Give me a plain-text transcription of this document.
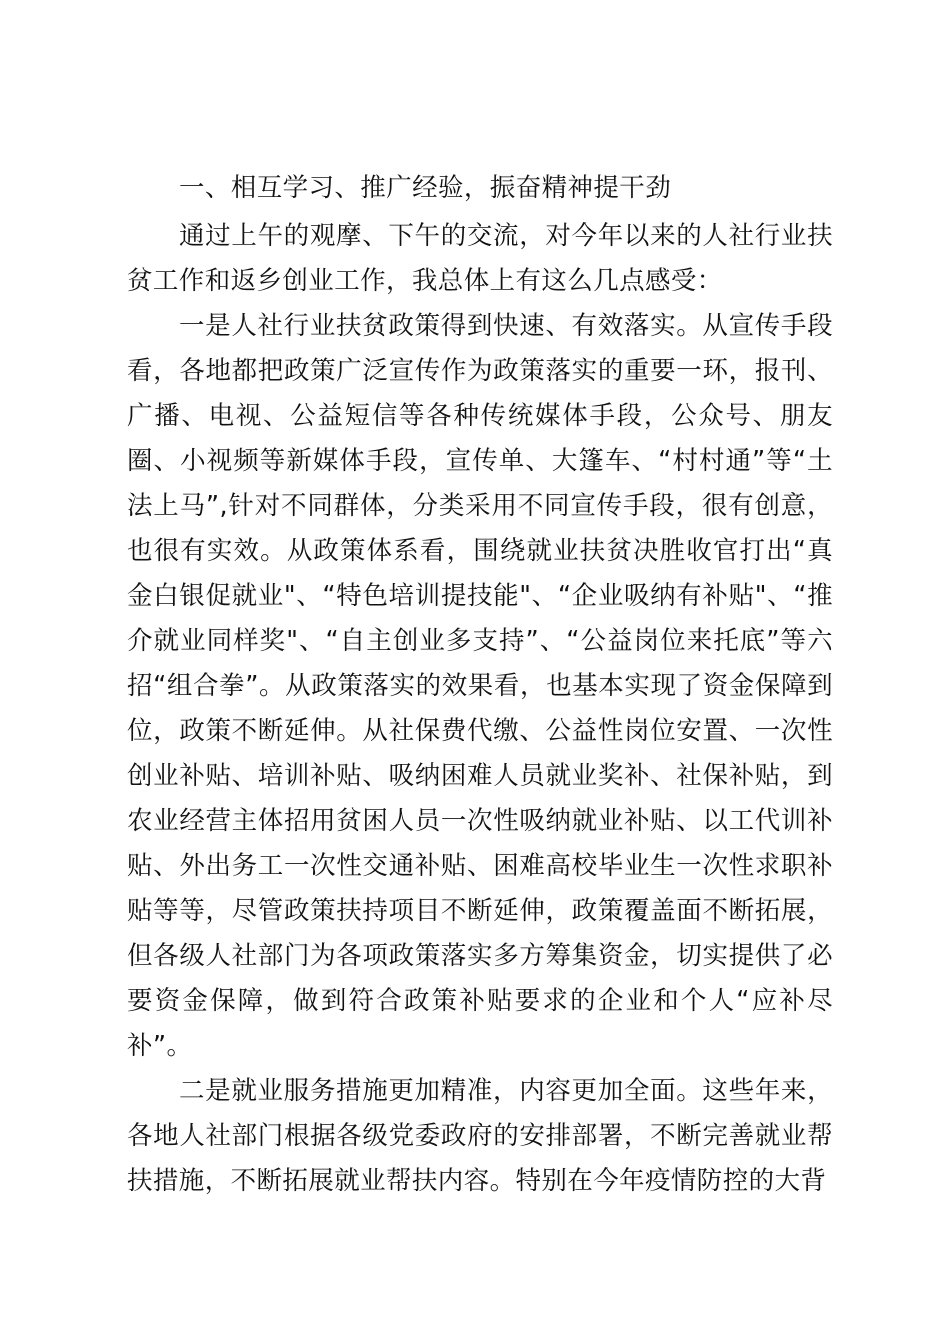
一、相互学习、推广经验，振奋精神提干劲

通过上午的观摩、下午的交流，对今年以来的人社行业扶贫工作和返乡创业工作，我总体上有这么几点感受：

一是人社行业扶贫政策得到快速、有效落实。从宣传手段看，各地都把政策广泛宣传作为政策落实的重要一环，报刊、广播、电视、公益短信等各种传统媒体手段，公众号、朋友圈、小视频等新媒体手段，宣传单、大篷车、“村村通”等“土法上马”,针对不同群体，分类采用不同宣传手段，很有创意，也很有实效。从政策体系看，围绕就业扶贫决胜收官打出“真金白银促就业"、“特色培训提技能"、“企业吸纳有补贴"、“推介就业同样奖"、“自主创业多支持”、“公益岗位来托底”等六招“组合拳”。从政策落实的效果看，也基本实现了资金保障到位，政策不断延伸。从社保费代缴、公益性岗位安置、一次性创业补贴、培训补贴、吸纳困难人员就业奖补、社保补贴，到农业经营主体招用贫困人员一次性吸纳就业补贴、以工代训补贴、外出务工一次性交通补贴、困难高校毕业生一次性求职补贴等等，尽管政策扶持项目不断延伸，政策覆盖面不断拓展，但各级人社部门为各项政策落实多方筹集资金，切实提供了必要资金保障，做到符合政策补贴要求的企业和个人“应补尽补”。

二是就业服务措施更加精准，内容更加全面。这些年来，各地人社部门根据各级党委政府的安排部署，不断完善就业帮扶措施，不断拓展就业帮扶内容。特别在今年疫情防控的大背
